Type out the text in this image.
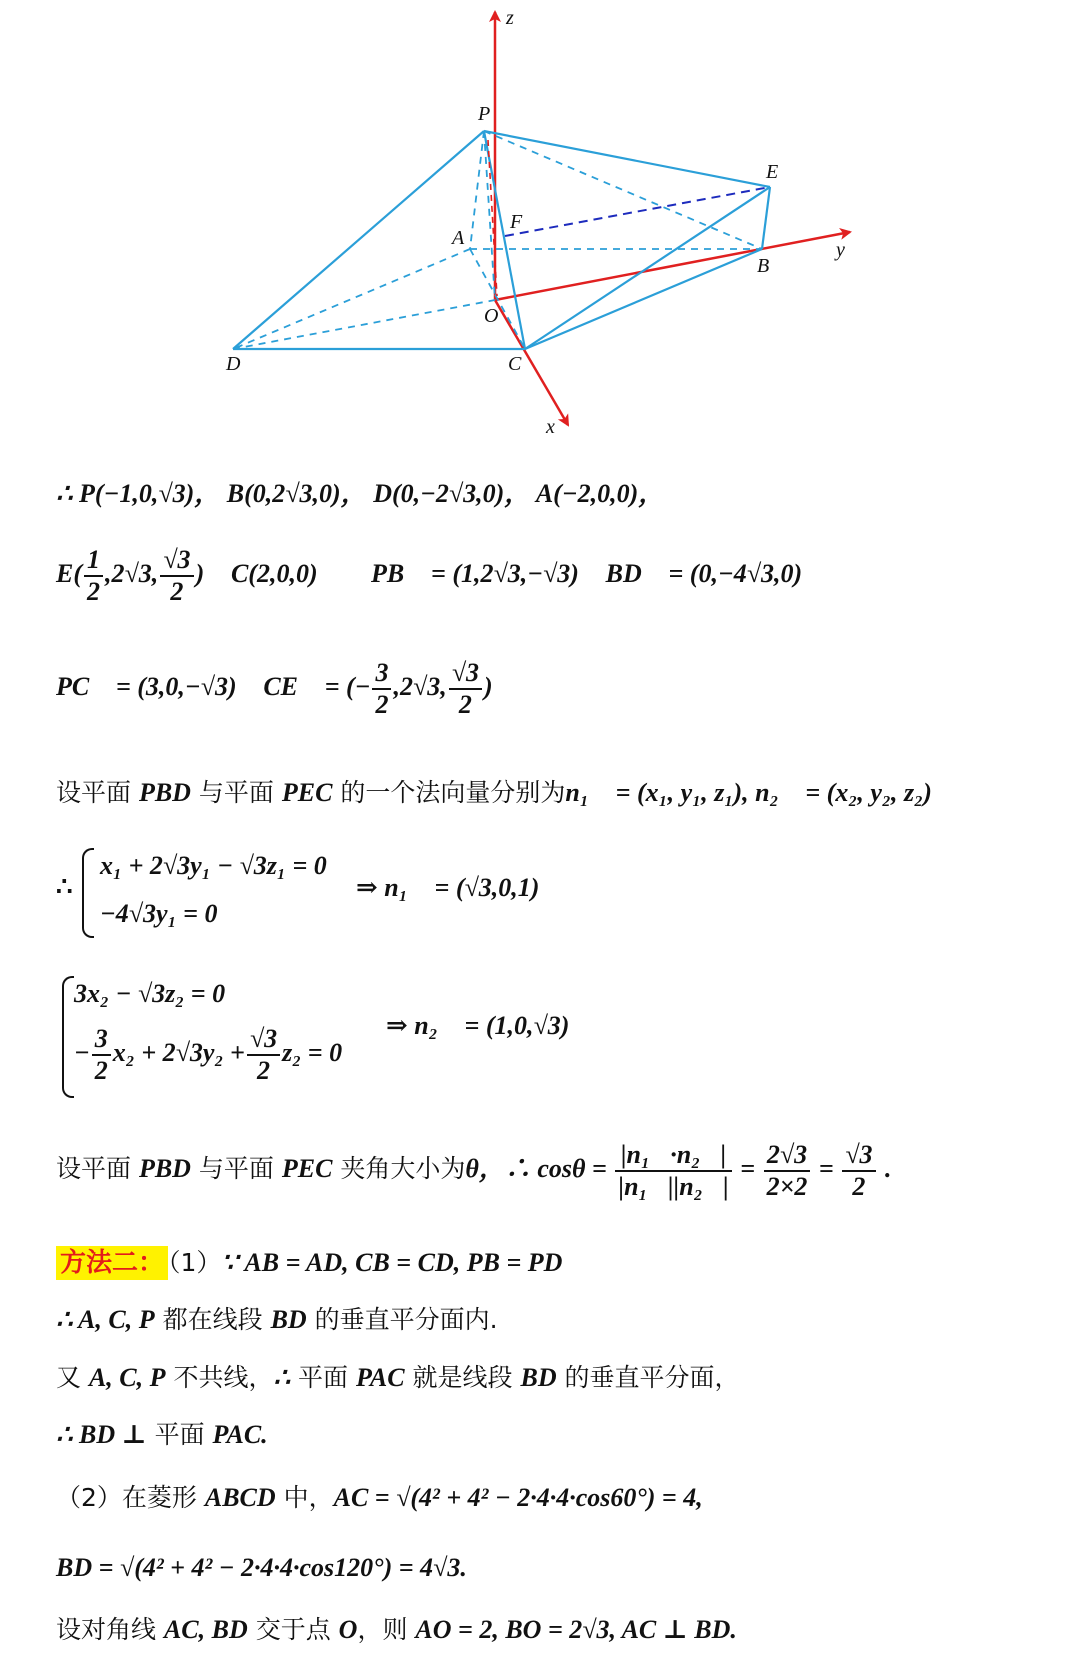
z
y
x
P
E
F
A
B
O
D	C
∴ P(−1,0,√3)， B(0,2√3,0)， D(0,−2√3,0)， A(−2,0,0)，
$E( \frac{1}{2} ,2√3$, $\frac{√3}{2}$ )， C(2,0,0)， ∴ PB⃗ = (1,2√3,−√3)， BD⃗ = (0,−4√3,0)
PC⃗ = (3,0,−√3)， CE⃗ = (− $\frac{3}{2} ,2√3$, $\frac{√3}{2}$ )
设平面 PBD 与平面 PEC 的一个法向量分别为n₁⃗ = (x₁, y₁, z₁), n₂⃗ = (x₂, y₂, z₂)
∴
x₁ + 2√3y₁ − √3z₁ = 0
−4√3y₁ = 0
⇒ n₁⃗ = (√3,0,1)，
3x₂ − √3z₂ = 0
− $\frac{3}{2} x_2 + 2√3y_2 + \frac{√3}{2} z_2 = 0$
⇒ n₂⃗ = (1,0,√3)
设平面 PBD 与平面 PEC 夹角大小为θ，∴ $\cos\theta = \frac{\text{|n₁⃗·n₂⃗|}}{\text{|n₁⃗||n₂⃗|}} = \frac{2√3}{2\times 2} = \frac{√3}{2}$ .
方法二： （1）∵ AB = AD, CB = CD, PB = PD
∴ A, C, P 都在线段 BD 的垂直平分面内.
又 A, C, P 不共线，∴ 平面 PAC 就是线段 BD 的垂直平分面，
∴ BD ⊥ 平面 PAC.
（2）在菱形 ABCD 中，AC = √(4² + 4² − 2·4·4·cos60°) = 4,
BD = √(4² + 4² − 2·4·4·cos120°) = 4√3.
设对角线 AC, BD 交于点 O，则 AO = 2, BO = 2√3, AC ⊥ BD.
